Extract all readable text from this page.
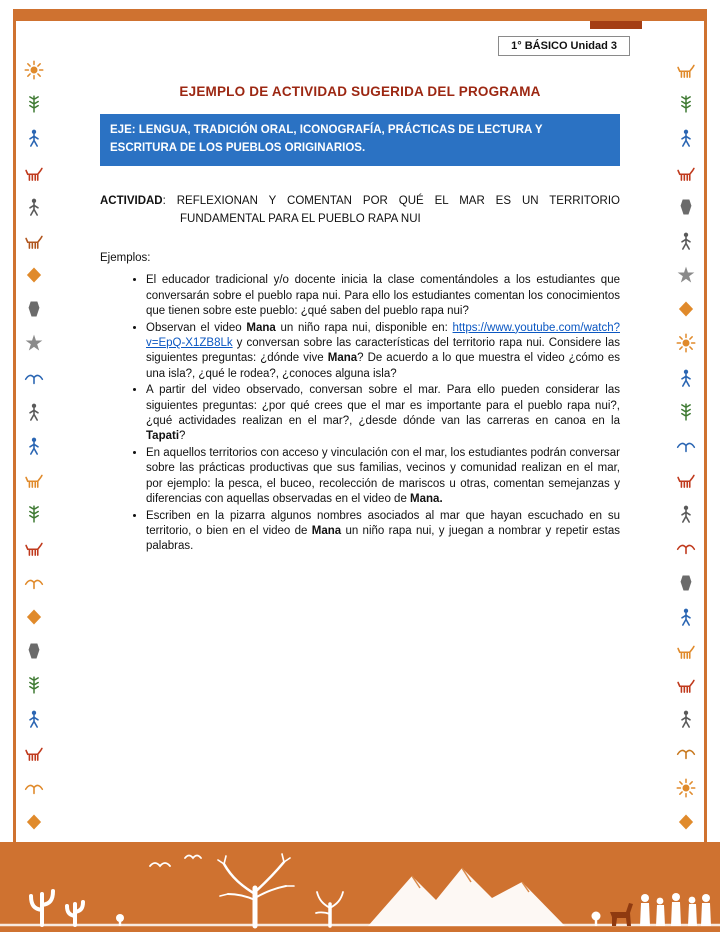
1° BÁSICO Unidad 3
EJEMPLO DE ACTIVIDAD SUGERIDA DEL PROGRAMA
EJE: LENGUA, TRADICIÓN ORAL, ICONOGRAFÍA, PRÁCTICAS DE LECTURA Y ESCRITURA DE LOS PUEBLOS ORIGINARIOS.

ACTIVIDAD: REFLEXIONAN Y COMENTAN POR QUÉ EL MAR ES UN TERRITORIO FUNDAMENTAL PARA EL PUEBLO RAPA NUI

Ejemplos:

• El educador tradicional y/o docente inicia la clase comentándoles a los estudiantes que conversarán sobre el pueblo rapa nui. Para ello los estudiantes comentan los conocimientos que tienen sobre este pueblo: ¿qué saben del pueblo rapa nui?
• Observan el video Mana un niño rapa nui, disponible en: https://www.youtube.com/watch?v=EpQ-X1ZB8Lk y conversan sobre las características del territorio rapa nui. Considere las siguientes preguntas: ¿dónde vive Mana? De acuerdo a lo que muestra el video ¿cómo es una isla?, ¿qué le rodea?, ¿conoces alguna isla?
• A partir del video observado, conversan sobre el mar. Para ello pueden considerar las siguientes preguntas: ¿por qué crees que el mar es importante para el pueblo rapa nui?, ¿qué actividades realizan en el mar?, ¿desde dónde van las carreras en canoa en la Tapati?
• En aquellos territorios con acceso y vinculación con el mar, los estudiantes podrán conversar sobre las prácticas productivas que sus familias, vecinos y comunidad realizan en el mar, por ejemplo: la pesca, el buceo, recolección de mariscos u otras, comentan semejanzas y diferencias con aquellas observadas en el video de Mana.
• Escriben en la pizarra algunos nombres asociados al mar que hayan escuchado en su territorio, o bien en el video de Mana un niño rapa nui, y juegan a nombrar y repetir estas palabras.
